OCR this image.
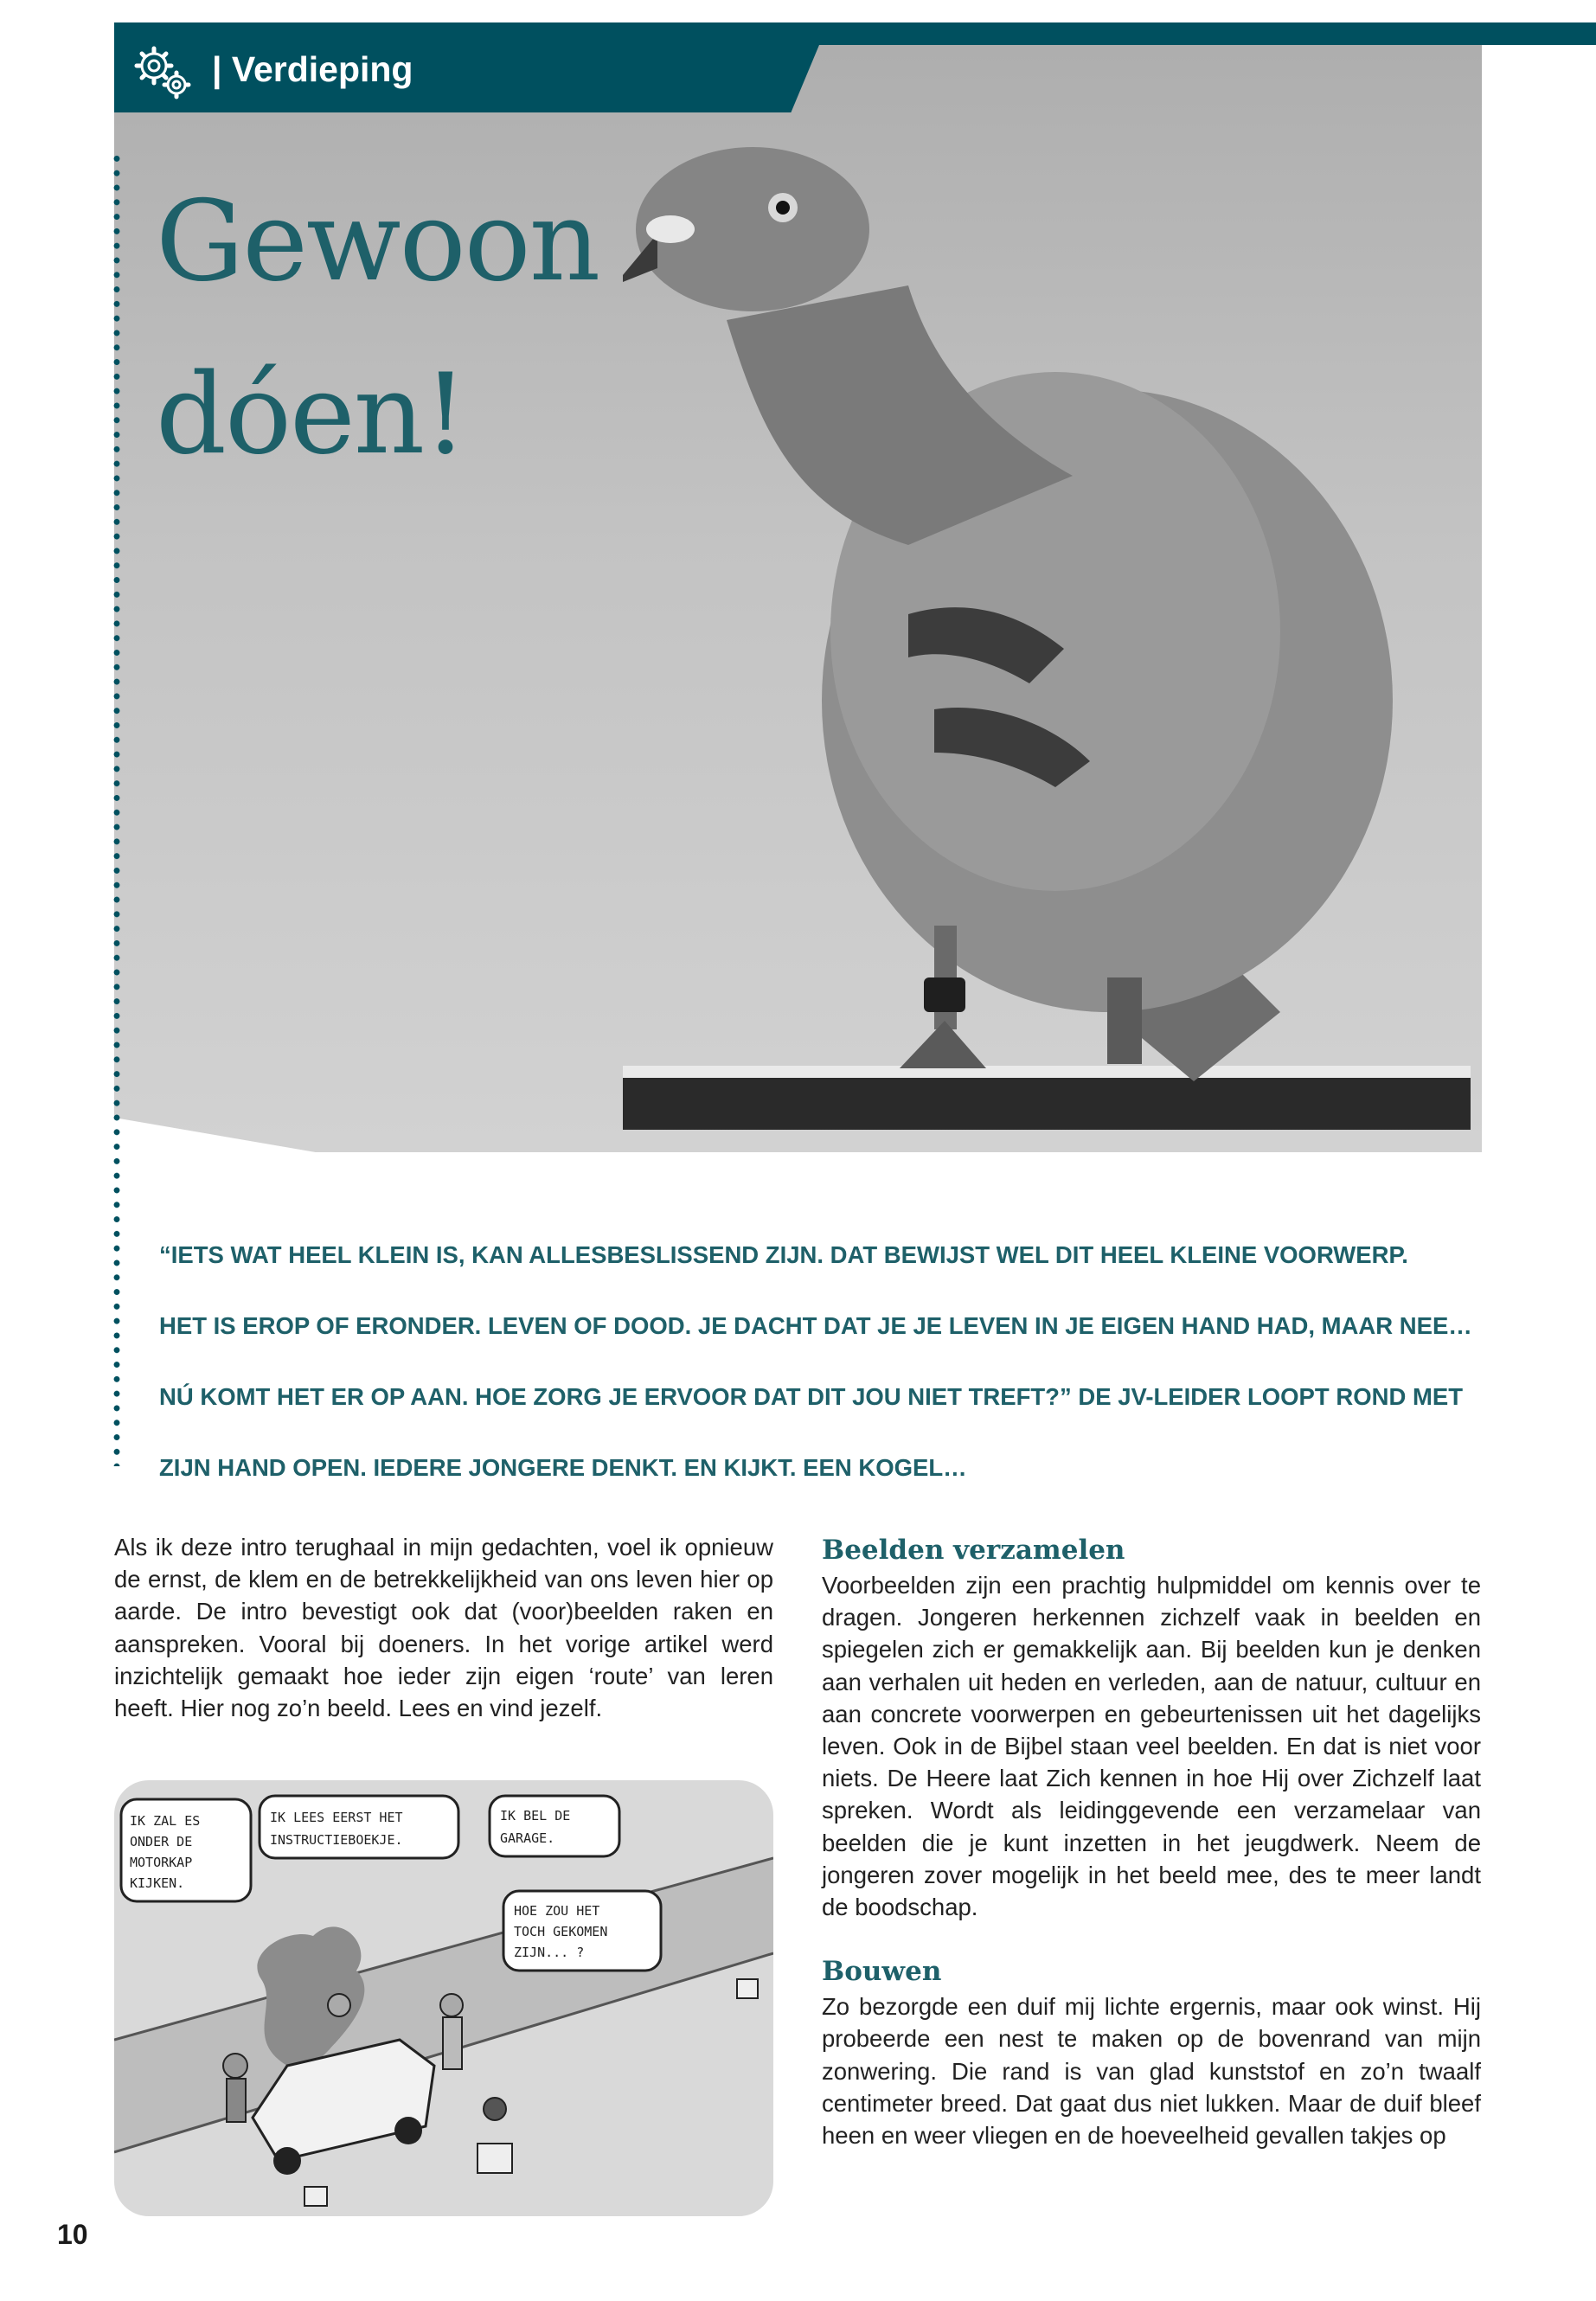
| Verdieping
Gewoon
dóen!

“IETS WAT HEEL KLEIN IS, KAN ALLESBESLISSEND ZIJN. DAT BEWIJST WEL DIT HEEL KLEINE VOORWERP.

HET IS EROP OF ERONDER. LEVEN OF DOOD. JE DACHT DAT JE JE LEVEN IN JE EIGEN HAND HAD, MAAR NEE…

NÚ KOMT HET ER OP AAN. HOE ZORG JE ERVOOR DAT DIT JOU NIET TREFT?” DE JV-LEIDER LOOPT ROND MET

ZIJN HAND OPEN. IEDERE JONGERE DENKT. EN KIJKT. EEN KOGEL…

Als ik deze intro terughaal in mijn gedachten, voel ik opnieuw de ernst, de klem en de betrekkelijkheid van ons leven hier op aarde. De intro bevestigt ook dat (voor)beelden raken en aanspreken. Vooral bij doeners. In het vorige artikel werd inzichtelijk gemaakt hoe ieder zijn eigen ‘route’ van leren heeft. Hier nog zo’n beeld. Lees en vind jezelf.

IK ZAL ES
ONDER DE
MOTORKAP
KIJKEN.
IK LEES EERST HET
INSTRUCTIEBOEKJE.
IK BEL DE
GARAGE.
HOE ZOU HET
TOCH GEKOMEN
ZIJN... ?

Beelden verzamelen

Voorbeelden zijn een prachtig hulpmiddel om kennis over te dragen. Jongeren herkennen zichzelf vaak in beelden en spiegelen zich er gemakkelijk aan. Bij beelden kun je denken aan verhalen uit heden en verleden, aan de natuur, cultuur en aan concrete voorwerpen en gebeurtenissen uit het dagelijks leven. Ook in de Bijbel staan veel beelden. En dat is niet voor niets. De Heere laat Zich kennen in hoe Hij over Zichzelf laat spreken. Wordt als leidinggevende een verzamelaar van beelden die je kunt inzetten in het jeugdwerk. Neem de jongeren zover mogelijk in het beeld mee, des te meer landt de boodschap.

Bouwen

Zo bezorgde een duif mij lichte ergernis, maar ook winst. Hij probeerde een nest te maken op de bovenrand van mijn zonwering. Die rand is van glad kunststof en zo’n twaalf centimeter breed. Dat gaat dus niet lukken. Maar de duif bleef heen en weer vliegen en de hoeveelheid gevallen takjes op

10
